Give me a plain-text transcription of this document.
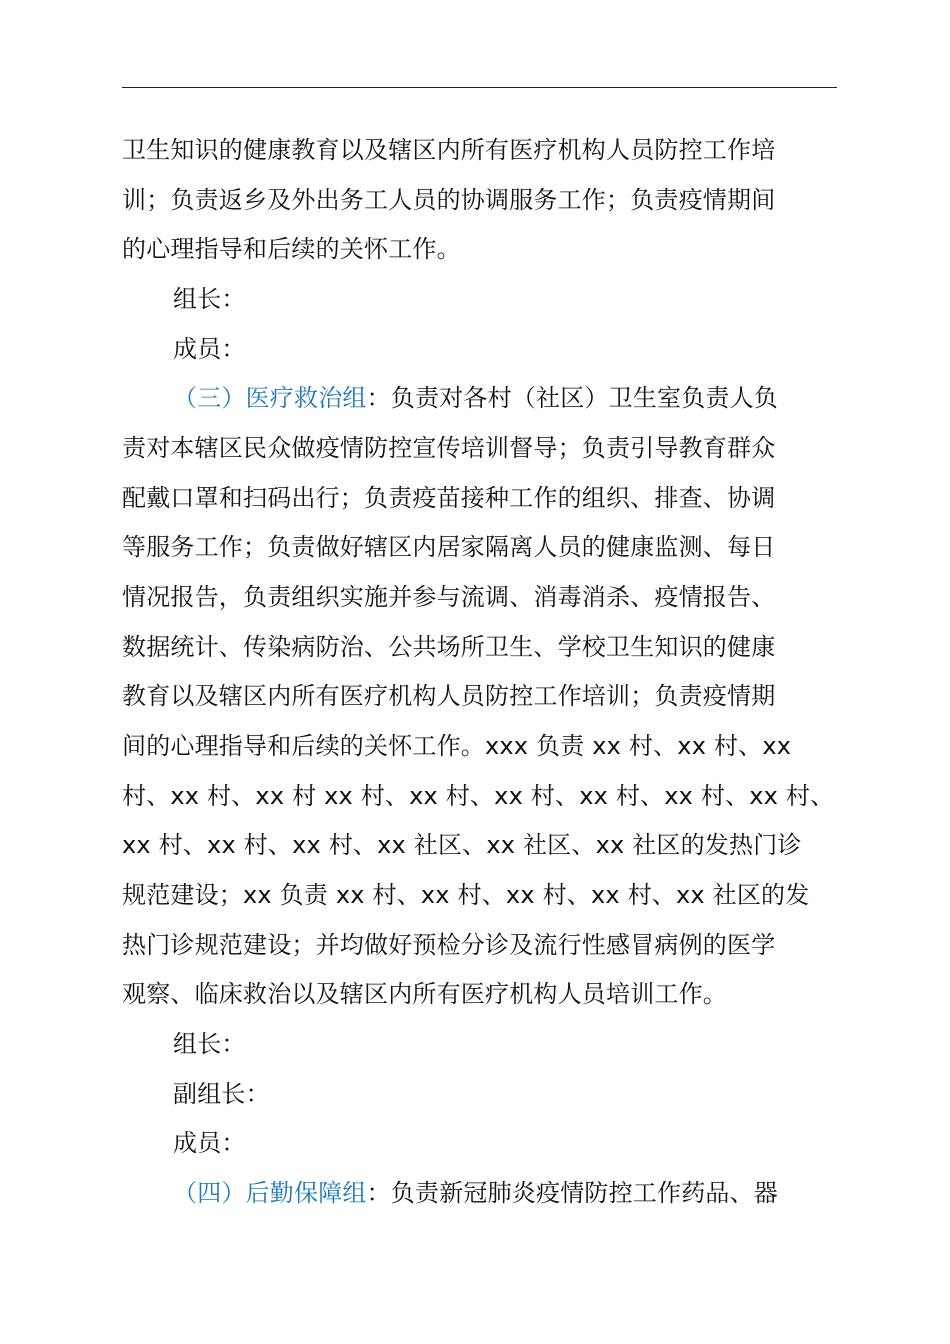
卫生知识的健康教育以及辖区内所有医疗机构人员防控工作培
训；负责返乡及外出务工人员的协调服务工作；负责疫情期间
的心理指导和后续的关怀工作。
组长：
成员：
（三）医疗救治组：负责对各村（社区）卫生室负责人负
责对本辖区民众做疫情防控宣传培训督导；负责引导教育群众
配戴口罩和扫码出行；负责疫苗接种工作的组织、排查、协调
等服务工作；负责做好辖区内居家隔离人员的健康监测、每日
情况报告，负责组织实施并参与流调、消毒消杀、疫情报告、
数据统计、传染病防治、公共场所卫生、学校卫生知识的健康
教育以及辖区内所有医疗机构人员防控工作培训；负责疫情期
间的心理指导和后续的关怀工作。xxx 负责 xx 村、xx 村、xx
村、xx 村、xx 村 xx 村、xx 村、xx 村、xx 村、xx 村、xx 村、
xx 村、xx 村、xx 村、xx 社区、xx 社区、xx 社区的发热门诊
规范建设；xx 负责 xx 村、xx 村、xx 村、xx 村、xx 社区的发
热门诊规范建设；并均做好预检分诊及流行性感冒病例的医学
观察、临床救治以及辖区内所有医疗机构人员培训工作。
组长：
副组长：
成员：
（四）后勤保障组：负责新冠肺炎疫情防控工作药品、器
